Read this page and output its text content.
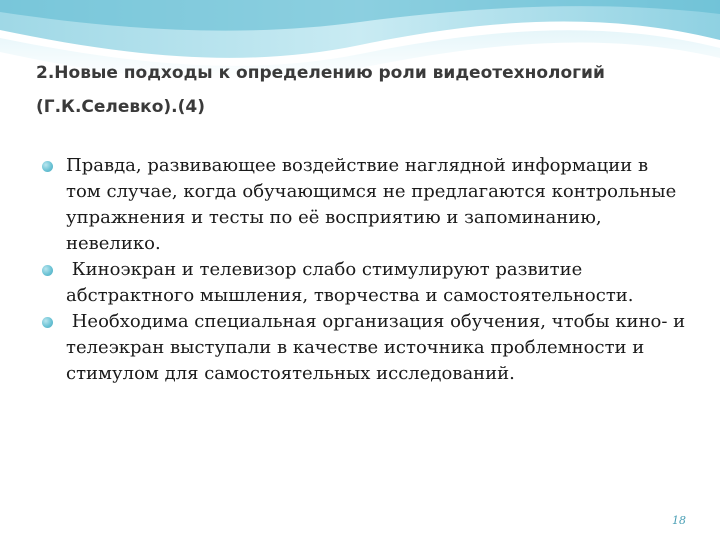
2.Новые подходы к определению роли видеотехнологий
(Г.К.Селевко).(4)
Правда, развивающее воздействие наглядной информации в том случае, когда обучающимся не предлагаются контрольные упражнения и тесты по её восприятию и запоминанию, невелико.
Киноэкран и телевизор слабо стимулируют развитие абстрактного мышления, творчества и самостоятельности.
Необходима специальная организация обучения, чтобы кино- и телеэкран выступали в качестве источника проблемности и стимулом для самостоятельных исследований.
18
